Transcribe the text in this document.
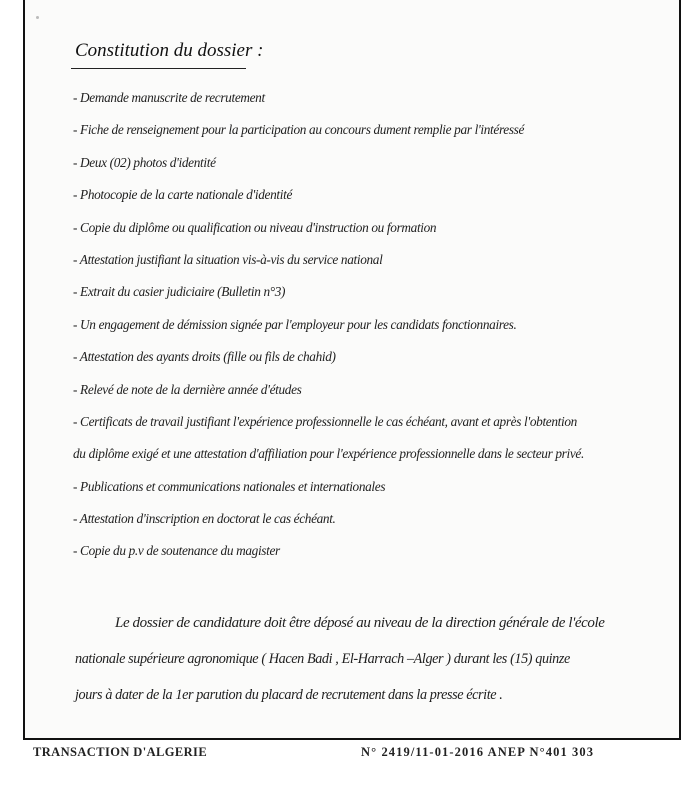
Constitution du dossier :
- Demande manuscrite de recrutement
- Fiche de renseignement pour la participation au concours dument remplie par l'intéressé
- Deux (02) photos d'identité
- Photocopie de la carte nationale d'identité
- Copie du diplôme ou qualification ou niveau d'instruction ou formation
- Attestation justifiant la situation vis-à-vis du service national
- Extrait du casier judiciaire (Bulletin n°3)
- Un engagement de démission signée par l'employeur pour les candidats fonctionnaires.
- Attestation des ayants droits (fille ou fils de chahid)
- Relevé de note de la dernière année d'études
- Certificats de travail justifiant l'expérience professionnelle le cas échéant, avant et après l'obtention
du diplôme exigé et une attestation d'affiliation pour l'expérience professionnelle dans le secteur privé.
- Publications et communications nationales et internationales
- Attestation d'inscription en doctorat le cas échéant.
- Copie du p.v de soutenance du magister
Le dossier de candidature doit être déposé au niveau de la direction générale de l'école
nationale supérieure agronomique ( Hacen Badi , El-Harrach –Alger ) durant les (15) quinze
jours à dater de la 1er parution du placard de recrutement dans la presse écrite .
TRANSACTION D'ALGERIE	N° 2419/11-01-2016 ANEP N°401 303
